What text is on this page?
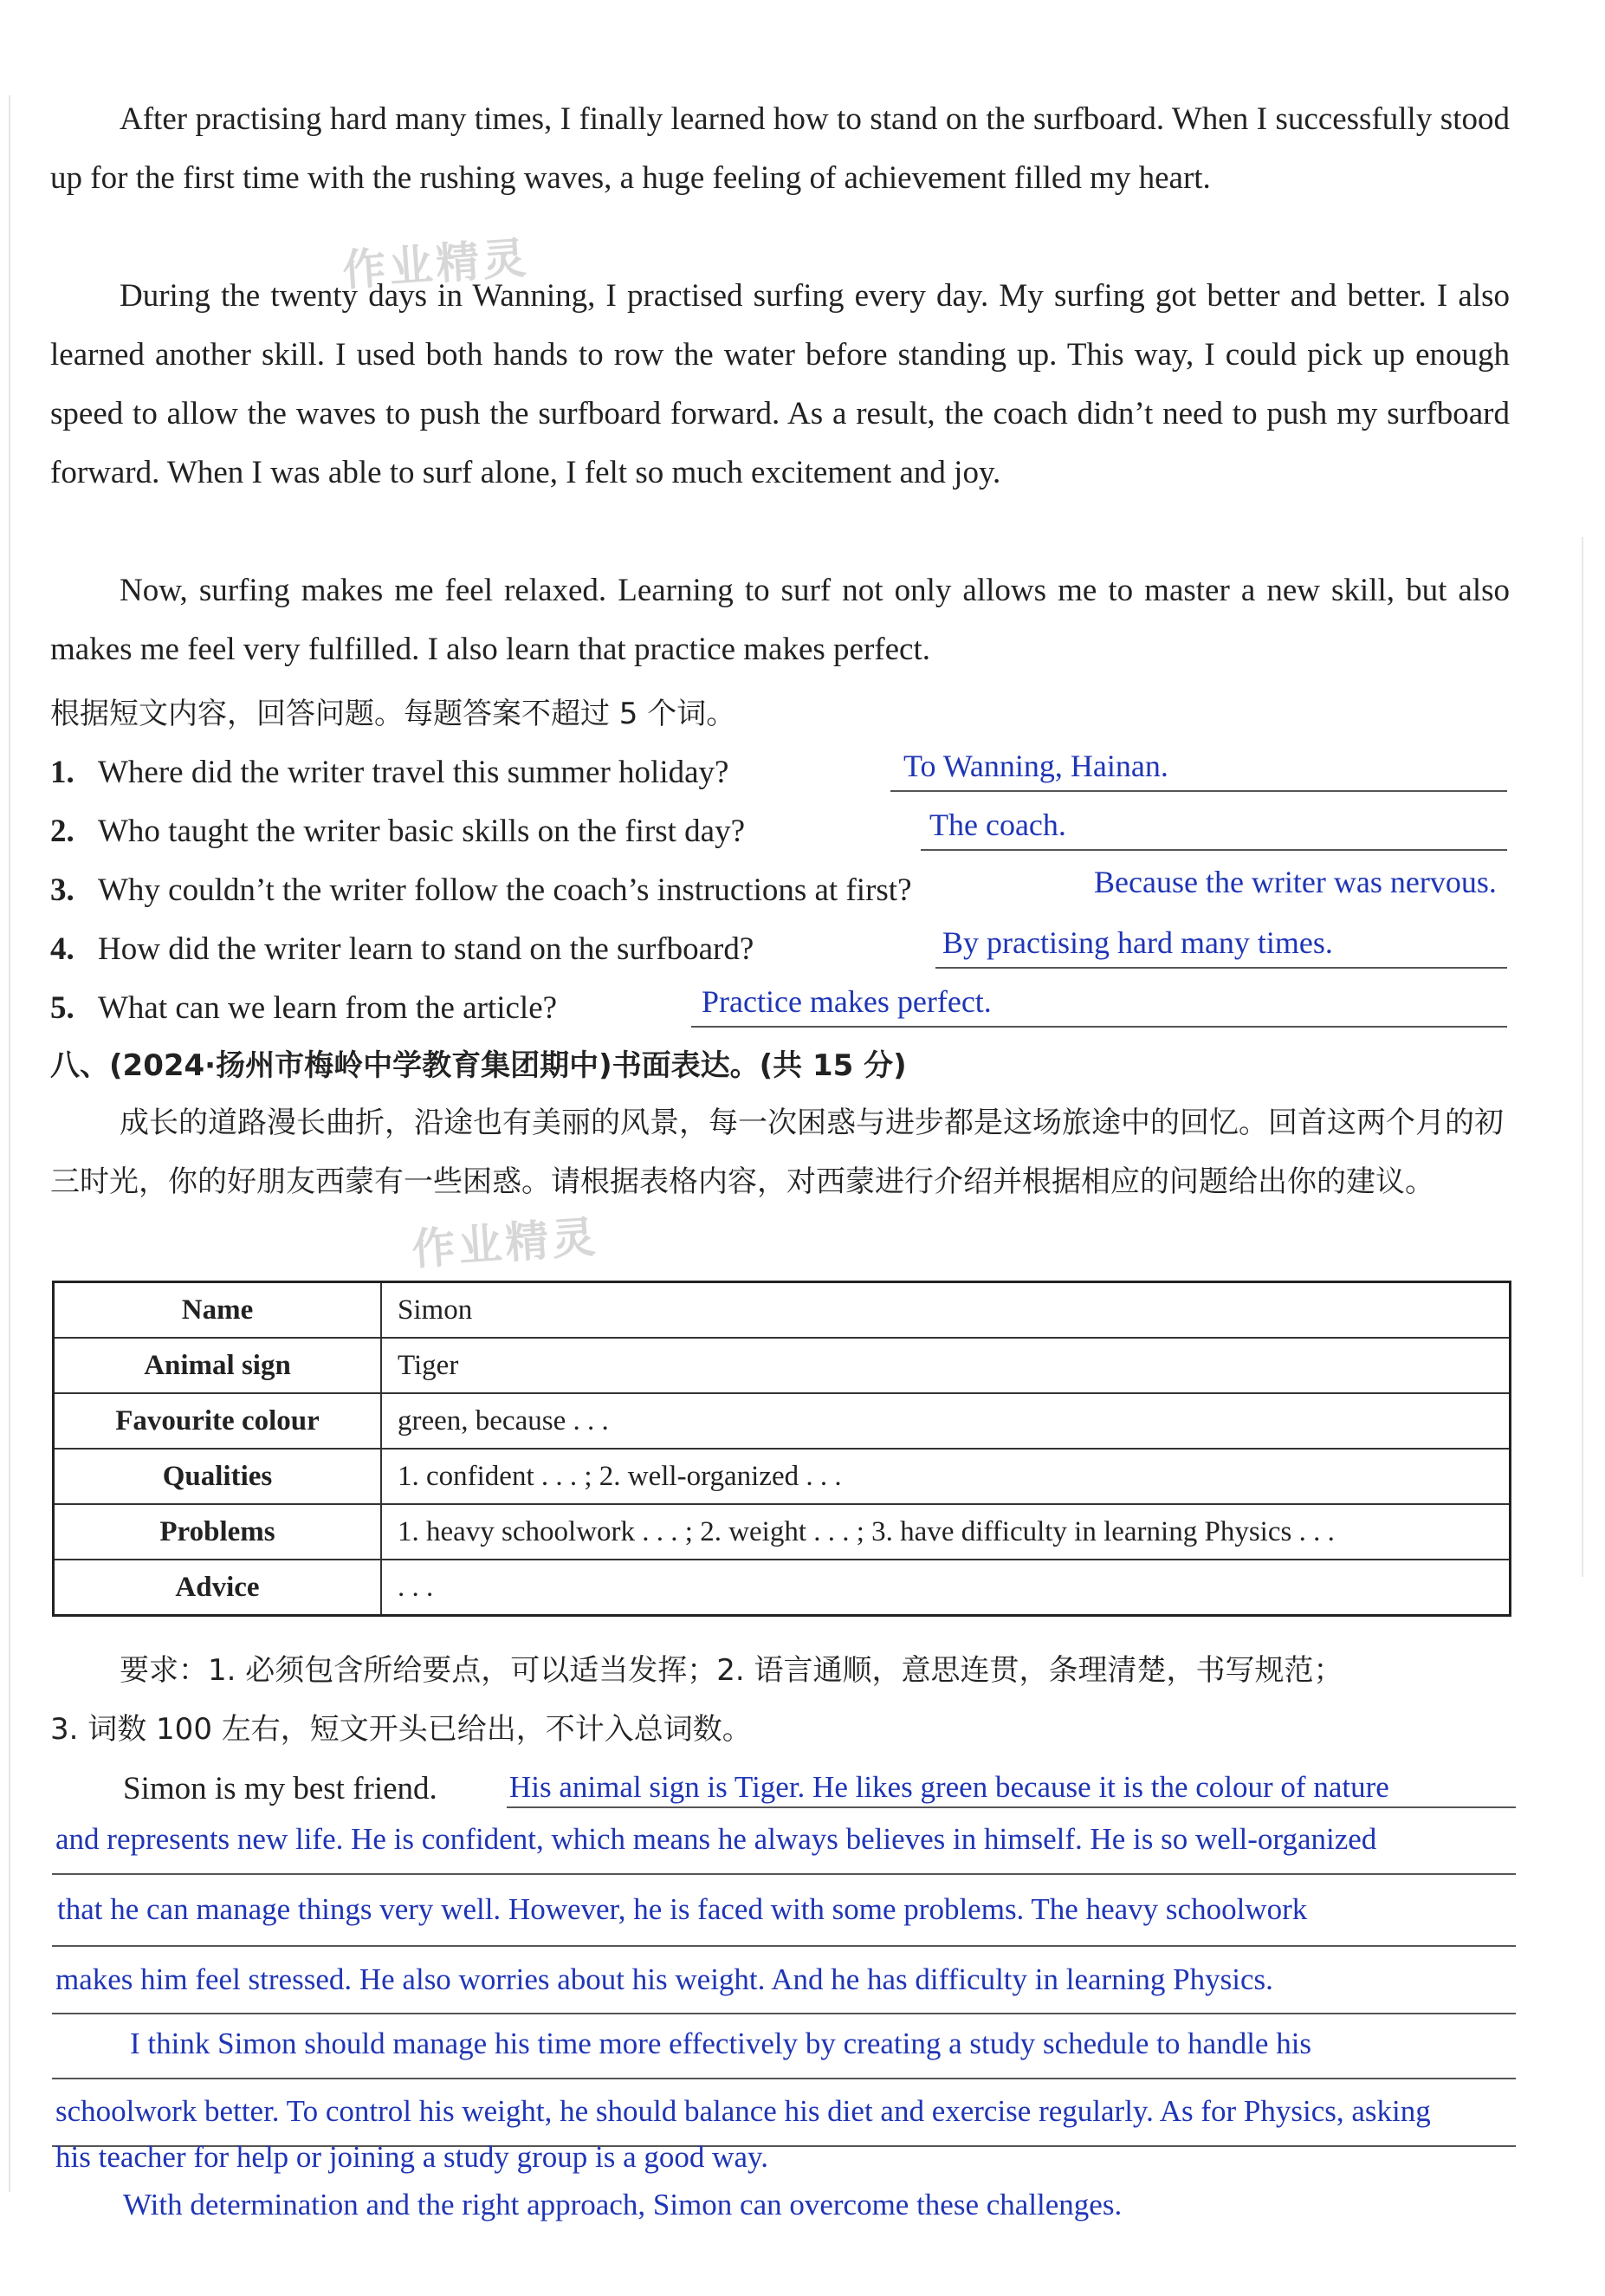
After practising hard many times, I finally learned how to stand on the surfboard. When I successfully stood up for the first time with the rushing waves, a huge feeling of achievement filled my heart.

During the twenty days in Wanning, I practised surfing every day. My surfing got better and better. I also learned another skill. I used both hands to row the water before standing up. This way, I could pick up enough speed to allow the waves to push the surfboard forward. As a result, the coach didn’t need to push my surfboard forward. When I was able to surf alone, I felt so much excitement and joy.

Now, surfing makes me feel relaxed. Learning to surf not only allows me to master a new skill, but also makes me feel very fulfilled. I also learn that practice makes perfect.

根据短文内容，回答问题。每题答案不超过 5 个词。

1. Where did the writer travel this summer holiday?	To Wanning, Hainan.
2. Who taught the writer basic skills on the first day?	The coach.
3. Why couldn’t the writer follow the coach’s instructions at first?	Because the writer was nervous.
4. How did the writer learn to stand on the surfboard?	By practising hard many times.
5. What can we learn from the article?	Practice makes perfect.

八、(2024·扬州市梅岭中学教育集团期中)书面表达。(共 15 分)

成长的道路漫长曲折，沿途也有美丽的风景，每一次困惑与进步都是这场旅途中的回忆。回首这两个月的初三时光，你的好朋友西蒙有一些困惑。请根据表格内容，对西蒙进行介绍并根据相应的问题给出你的建议。

Name	Simon
Animal sign	Tiger
Favourite colour	green, because . . .
Qualities	1. confident . . . ; 2. well-organized . . .
Problems	1. heavy schoolwork . . . ; 2. weight . . . ; 3. have difficulty in learning Physics . . .
Advice	. . .

要求：1. 必须包含所给要点，可以适当发挥；2. 语言通顺，意思连贯，条理清楚，书写规范；

3. 词数 100 左右，短文开头已给出，不计入总词数。

Simon is my best friend. His animal sign is Tiger. He likes green because it is the colour of nature
and represents new life. He is confident, which means he always believes in himself. He is so well-organized
that he can manage things very well. However, he is faced with some problems. The heavy schoolwork
makes him feel stressed. He also worries about his weight. And he has difficulty in learning Physics.
I think Simon should manage his time more effectively by creating a study schedule to handle his
schoolwork better. To control his weight, he should balance his diet and exercise regularly. As for Physics, asking
his teacher for help or joining a study group is a good way.
With determination and the right approach, Simon can overcome these challenges.
作业精灵
作业精灵
